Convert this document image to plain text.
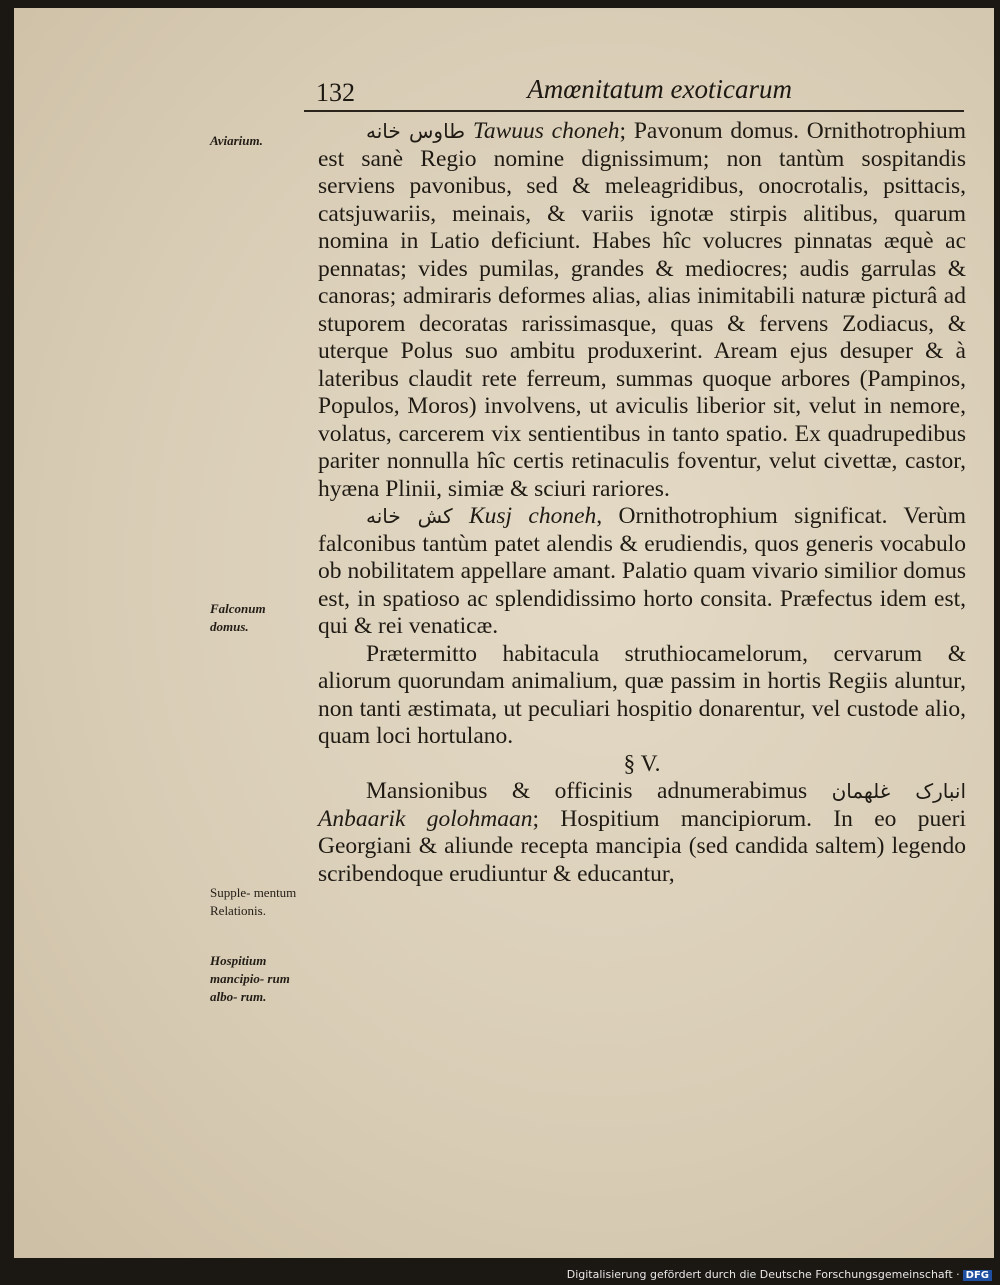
132	Amœnitatum exoticarum
Aviarium.
Falconum domus.
Supple- mentum Relationis.
Hospitium mancipio- rum albo- rum.

طاوس خانه Tawuus choneh; Pavonum domus. Ornithotrophium est sanè Regio nomine dignissimum; non tantùm sospitandis serviens pavonibus, sed & meleagridibus, onocrotalis, psittacis, catsjuwariis, meinais, & variis ignotæ stirpis alitibus, quarum nomina in Latio deficiunt. Habes hîc volucres pinnatas æquè ac pennatas; vides pumilas, grandes & mediocres; audis garrulas & canoras; admiraris deformes alias, alias inimitabili naturæ picturâ ad stuporem decoratas rarissimasque, quas & fervens Zodiacus, & uterque Polus suo ambitu produxerint. Aream ejus desuper & à lateribus claudit rete ferreum, summas quoque arbores (Pampinos, Populos, Moros) involvens, ut aviculis liberior sit, velut in nemore, volatus, carcerem vix sentientibus in tanto spatio. Ex quadrupedibus pariter nonnulla hîc certis retinaculis foventur, velut civettæ, castor, hyæna Plinii, simiæ & sciuri rariores.

کش خانه Kusj choneh, Ornithotrophium significat. Verùm falconibus tantùm patet alendis & erudiendis, quos generis vocabulo ob nobilitatem appellare amant. Palatio quam vivario similior domus est, in spatioso ac splendidissimo horto consita. Præfectus idem est, qui & rei venaticæ.

Prætermitto habitacula struthiocamelorum, cervarum & aliorum quorundam animalium, quæ passim in hortis Regiis aluntur, non tanti æstimata, ut peculiari hospitio donarentur, vel custode alio, quam loci hortulano.

§ V.

Mansionibus & officinis adnumerabimus انبارک غلهمان Anbaarik golohmaan; Hospitium mancipiorum. In eo pueri Georgiani & aliunde recepta mancipia (sed candida saltem) legendo scribendoque erudiuntur & educantur,

Digitalisierung gefördert durch die Deutsche Forschungsgemeinschaft · DFG
